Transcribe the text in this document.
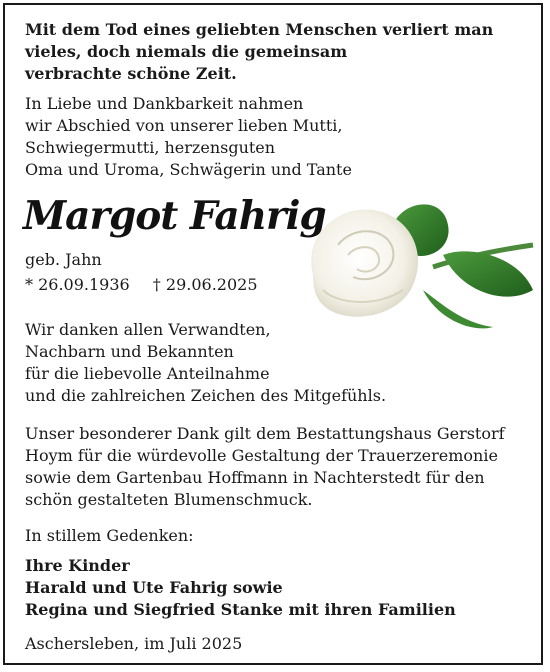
Mit dem Tod eines geliebten Menschen verliert man
vieles, doch niemals die gemeinsam
verbrachte schöne Zeit.
In Liebe und Dankbarkeit nahmen
wir Abschied von unserer lieben Mutti,
Schwiegermutti, herzensguten
Oma und Uroma, Schwägerin und Tante
Margot Fahrig
geb. Jahn
* 26.09.1936 † 29.06.2025
Wir danken allen Verwandten,
Nachbarn und Bekannten
für die liebevolle Anteilnahme
und die zahlreichen Zeichen des Mitgefühls.
Unser besonderer Dank gilt dem Bestattungshaus Gerstorf
Hoym für die würdevolle Gestaltung der Trauerzeremonie
sowie dem Gartenbau Hoffmann in Nachterstedt für den
schön gestalteten Blumenschmuck.
In stillem Gedenken:
Ihre Kinder
Harald und Ute Fahrig sowie
Regina und Siegfried Stanke mit ihren Familien
Aschersleben, im Juli 2025
